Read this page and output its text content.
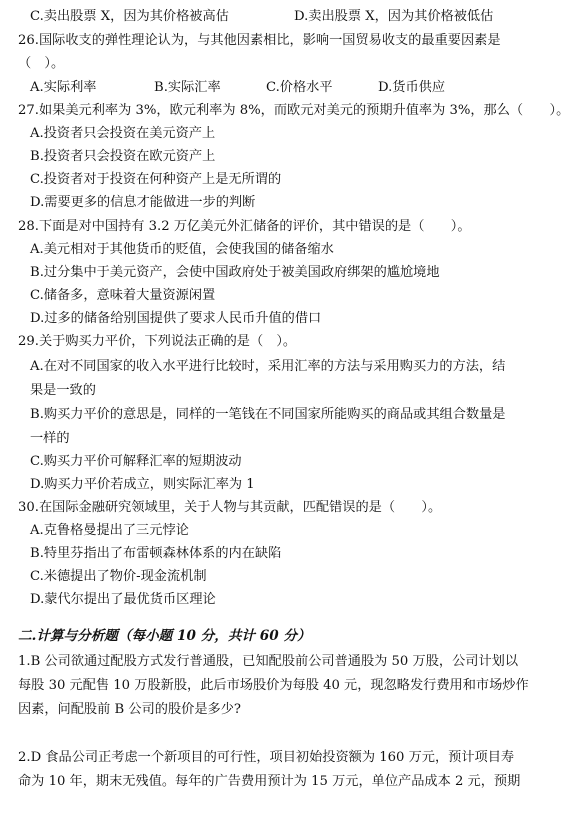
C.卖出股票 X，因为其价格被高估	D.卖出股票 X，因为其价格被低估
26.国际收支的弹性理论认为，与其他因素相比，影响一国贸易收支的最重要因素是
（　）。
A.实际利率	B.实际汇率	C.价格水平	D.货币供应
27.如果美元利率为 3%，欧元利率为 8%，而欧元对美元的预期升值率为 3%，那么（　　）。
A.投资者只会投资在美元资产上
B.投资者只会投资在欧元资产上
C.投资者对于投资在何种资产上是无所谓的
D.需要更多的信息才能做进一步的判断
28.下面是对中国持有 3.2 万亿美元外汇储备的评价，其中错误的是（　　）。
A.美元相对于其他货币的贬值，会使我国的储备缩水
B.过分集中于美元资产，会使中国政府处于被美国政府绑架的尴尬境地
C.储备多，意味着大量资源闲置
D.过多的储备给别国提供了要求人民币升值的借口
29.关于购买力平价，下列说法正确的是（　）。
A.在对不同国家的收入水平进行比较时，采用汇率的方法与采用购买力的方法，结
果是一致的
B.购买力平价的意思是，同样的一笔钱在不同国家所能购买的商品或其组合数量是
一样的
C.购买力平价可解释汇率的短期波动
D.购买力平价若成立，则实际汇率为 1
30.在国际金融研究领域里，关于人物与其贡献，匹配错误的是（　　）。
A.克鲁格曼提出了三元悖论
B.特里芬指出了布雷顿森林体系的内在缺陷
C.米德提出了物价-现金流机制
D.蒙代尔提出了最优货币区理论
二.计算与分析题（每小题 10 分，共计 60 分）
1.B 公司欲通过配股方式发行普通股，已知配股前公司普通股为 50 万股，公司计划以
每股 30 元配售 10 万股新股，此后市场股价为每股 40 元，现忽略发行费用和市场炒作
因素，问配股前 B 公司的股价是多少?
2.D 食品公司正考虑一个新项目的可行性，项目初始投资额为 160 万元，预计项目寿
命为 10 年，期末无残值。每年的广告费用预计为 15 万元，单位产品成本 2 元，预期
